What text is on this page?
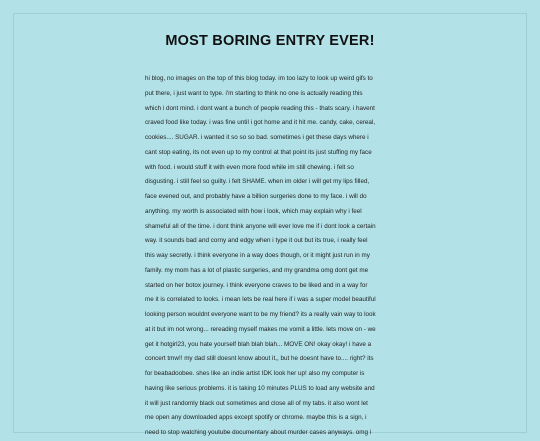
MOST BORING ENTRY EVER!
hi blog, no images on the top of this blog today. im too lazy to look up weird gifs to
put there, i just want to type. i'm starting to think no one is actually reading this
which i dont mind. i dont want a bunch of people reading this - thats scary. i havent
craved food like today. i was fine until i got home and it hit me. candy, cake, cereal,
cookies.... SUGAR. i wanted it so so so bad. sometimes i get these days where i
cant stop eating, its not even up to my control at that point its just stuffing my face
with food. i would stuff it with even more food while im still chewing. i felt so
disgusting. i still feel so guilty. i felt SHAME. when im older i will get my lips filled,
face evened out, and probably have a billion surgeries done to my face. i will do
anything. my worth is associated with how i look, which may explain why i feel
shameful all of the time. i dont think anyone will ever love me if i dont look a certain
way. it sounds bad and corny and edgy when i type it out but its true, i really feel
this way secretly. i think everyone in a way does though, or it might just run in my
family. my mom has a lot of plastic surgeries, and my grandma omg dont get me
started on her botox journey. i think everyone craves to be liked and in a way for
me it is correlated to looks. i mean lets be real here if i was a super model beautiful
looking person wouldnt everyone want to be my friend? its a really vain way to look
at it but im not wrong... rereading myself makes me vomit a little. lets move on - we
get it hotgirl23, you hate yourself blah blah blah... MOVE ON! okay okay! i have a
concert tmw!! my dad still doesnt know about it,, but he doesnt have to.... right? its
for beabadoobee. shes like an indie artist IDK look her up! also my computer is
having like serious problems. it is taking 10 minutes PLUS to load any website and
it will just randomly black out sometimes and close all of my tabs. it also wont let
me open any downloaded apps except spotify or chrome. maybe this is a sign, i
need to stop watching youtube documentary about murder cases anyways. omg i
